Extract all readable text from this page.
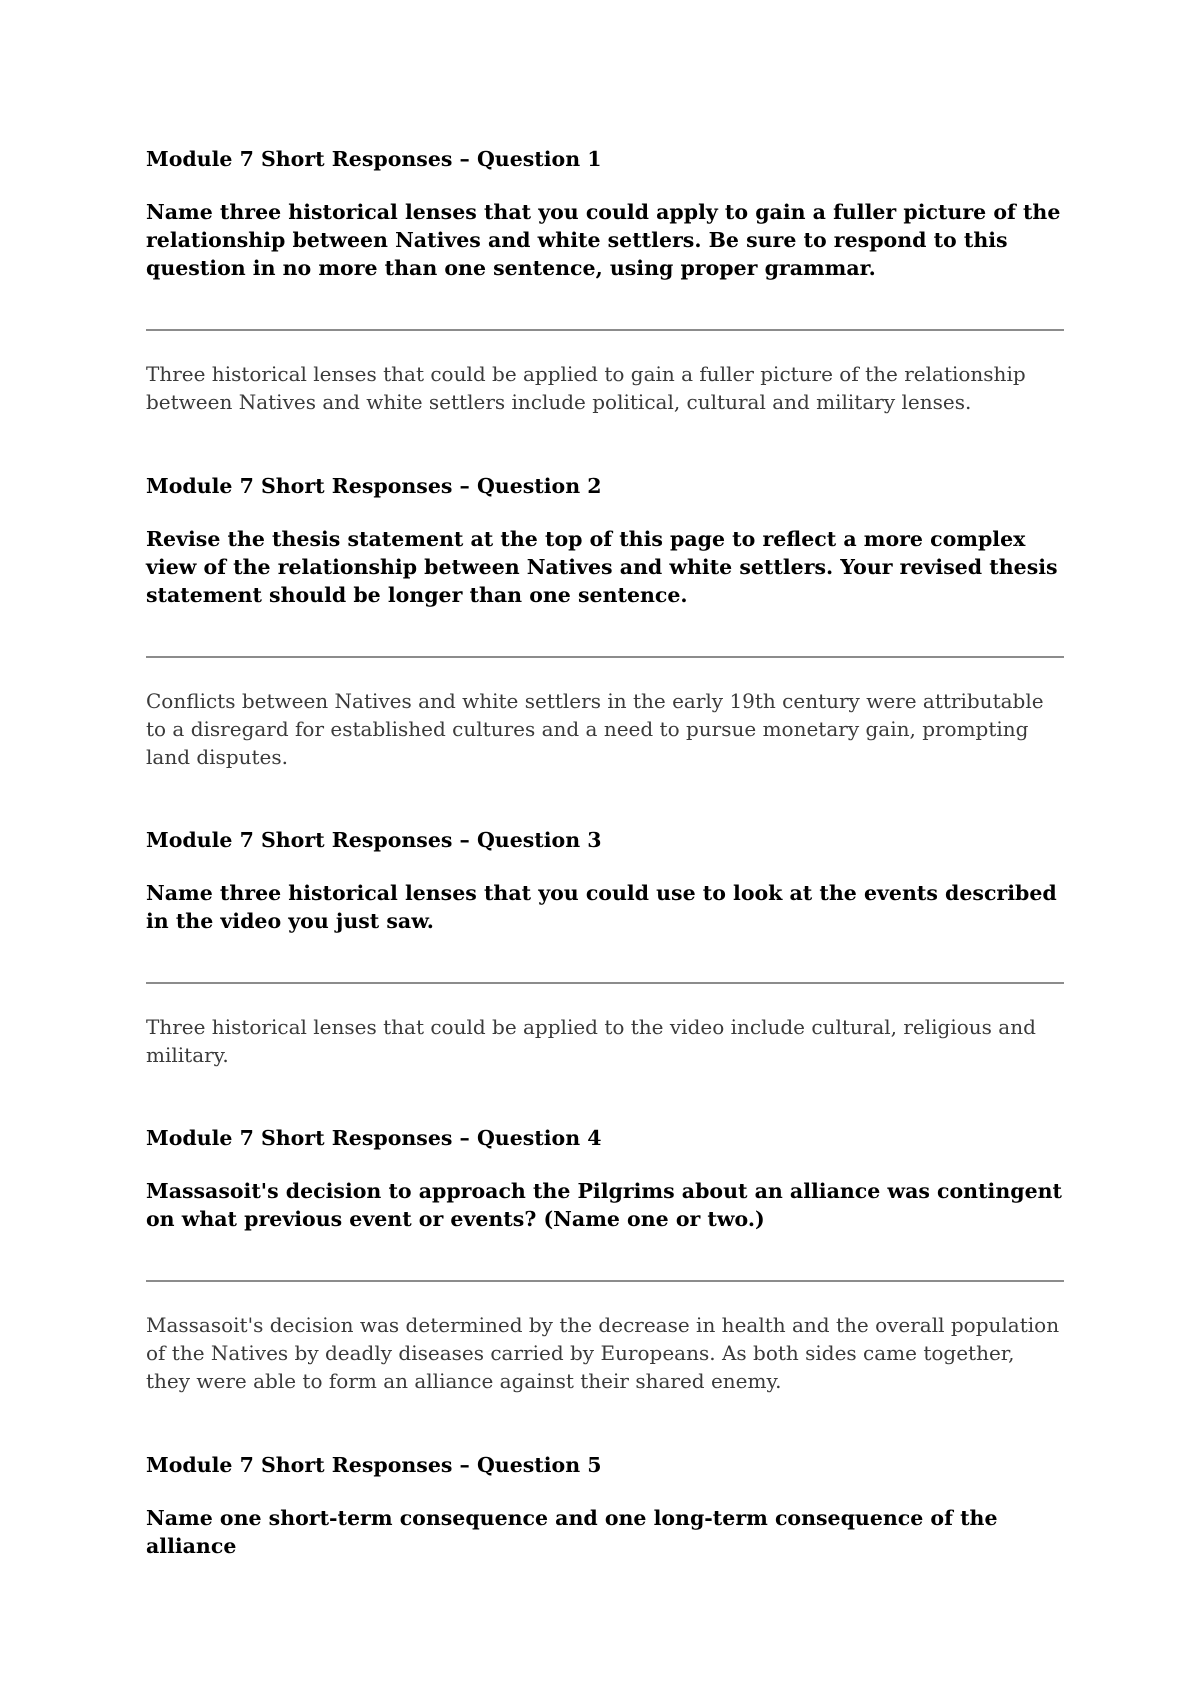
Module 7 Short Responses – Question 1

Name three historical lenses that you could apply to gain a fuller picture of the relationship between Natives and white settlers. Be sure to respond to this question in no more than one sentence, using proper grammar.

Three historical lenses that could be applied to gain a fuller picture of the relationship between Natives and white settlers include political, cultural and military lenses.

Module 7 Short Responses – Question 2

Revise the thesis statement at the top of this page to reflect a more complex view of the relationship between Natives and white settlers. Your revised thesis statement should be longer than one sentence.

Conflicts between Natives and white settlers in the early 19th century were attributable to a disregard for established cultures and a need to pursue monetary gain, prompting land disputes.

Module 7 Short Responses – Question 3

Name three historical lenses that you could use to look at the events described in the video you just saw.

Three historical lenses that could be applied to the video include cultural, religious and military.

Module 7 Short Responses – Question 4

Massasoit's decision to approach the Pilgrims about an alliance was contingent on what previous event or events? (Name one or two.)

Massasoit's decision was determined by the decrease in health and the overall population of the Natives by deadly diseases carried by Europeans. As both sides came together, they were able to form an alliance against their shared enemy.

Module 7 Short Responses – Question 5

Name one short-term consequence and one long-term consequence of the alliance
